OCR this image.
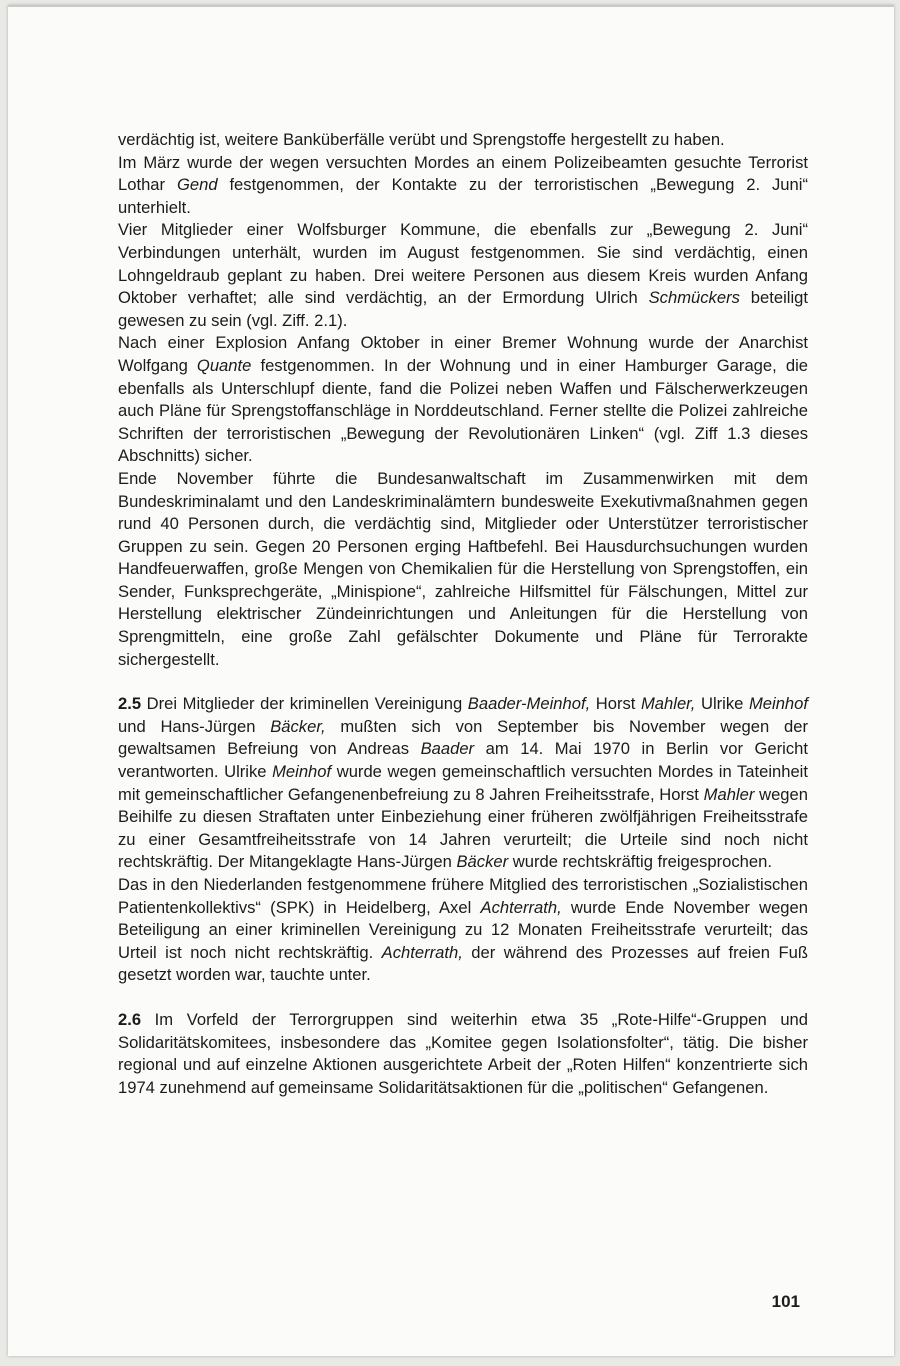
verdächtig ist, weitere Banküberfälle verübt und Sprengstoffe hergestellt zu haben.

Im März wurde der wegen versuchten Mordes an einem Polizeibeamten gesuchte Terrorist Lothar Gend festgenommen, der Kontakte zu der terroristischen „Bewegung 2. Juni“ unterhielt.

Vier Mitglieder einer Wolfsburger Kommune, die ebenfalls zur „Bewegung 2. Juni“ Verbindungen unterhält, wurden im August festgenommen. Sie sind verdächtig, einen Lohngeldraub geplant zu haben. Drei weitere Personen aus diesem Kreis wurden Anfang Oktober verhaftet; alle sind verdächtig, an der Ermordung Ulrich Schmückers beteiligt gewesen zu sein (vgl. Ziff. 2.1).

Nach einer Explosion Anfang Oktober in einer Bremer Wohnung wurde der Anarchist Wolfgang Quante festgenommen. In der Wohnung und in einer Hamburger Garage, die ebenfalls als Unterschlupf diente, fand die Polizei neben Waffen und Fälscherwerkzeugen auch Pläne für Sprengstoffanschläge in Norddeutschland. Ferner stellte die Polizei zahlreiche Schriften der terroristischen „Bewegung der Revolutionären Linken“ (vgl. Ziff 1.3 dieses Abschnitts) sicher.

Ende November führte die Bundesanwaltschaft im Zusammenwirken mit dem Bundeskriminalamt und den Landeskriminalämtern bundesweite Exekutivmaßnahmen gegen rund 40 Personen durch, die verdächtig sind, Mitglieder oder Unterstützer terroristischer Gruppen zu sein. Gegen 20 Personen erging Haftbefehl. Bei Hausdurchsuchungen wurden Handfeuerwaffen, große Mengen von Chemikalien für die Herstellung von Sprengstoffen, ein Sender, Funksprechgeräte, „Minispione“, zahlreiche Hilfsmittel für Fälschungen, Mittel zur Herstellung elektrischer Zündeinrichtungen und Anleitungen für die Herstellung von Sprengmitteln, eine große Zahl gefälschter Dokumente und Pläne für Terrorakte sichergestellt.

2.5 Drei Mitglieder der kriminellen Vereinigung Baader-Meinhof, Horst Mahler, Ulrike Meinhof und Hans-Jürgen Bäcker, mußten sich von September bis November wegen der gewaltsamen Befreiung von Andreas Baader am 14. Mai 1970 in Berlin vor Gericht verantworten. Ulrike Meinhof wurde wegen gemeinschaftlich versuchten Mordes in Tateinheit mit gemeinschaftlicher Gefangenenbefreiung zu 8 Jahren Freiheitsstrafe, Horst Mahler wegen Beihilfe zu diesen Straftaten unter Einbeziehung einer früheren zwölfjährigen Freiheitsstrafe zu einer Gesamtfreiheitsstrafe von 14 Jahren verurteilt; die Urteile sind noch nicht rechtskräftig. Der Mitangeklagte Hans-Jürgen Bäcker wurde rechtskräftig freigesprochen.

Das in den Niederlanden festgenommene frühere Mitglied des terroristischen „Sozialistischen Patientenkollektivs“ (SPK) in Heidelberg, Axel Achterrath, wurde Ende November wegen Beteiligung an einer kriminellen Vereinigung zu 12 Monaten Freiheitsstrafe verurteilt; das Urteil ist noch nicht rechtskräftig. Achterrath, der während des Prozesses auf freien Fuß gesetzt worden war, tauchte unter.

2.6 Im Vorfeld der Terrorgruppen sind weiterhin etwa 35 „Rote-Hilfe“-Gruppen und Solidaritätskomitees, insbesondere das „Komitee gegen Isolationsfolter“, tätig. Die bisher regional und auf einzelne Aktionen ausgerichtete Arbeit der „Roten Hilfen“ konzentrierte sich 1974 zunehmend auf gemeinsame Solidaritätsaktionen für die „politischen“ Gefangenen.

101
